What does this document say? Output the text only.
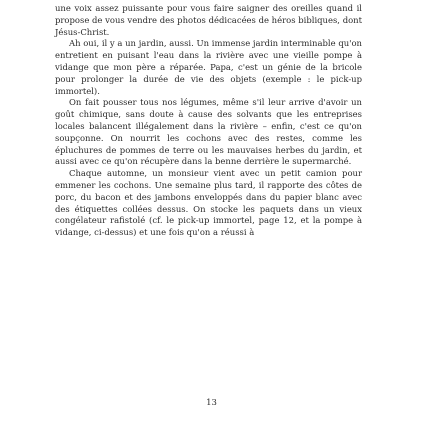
une voix assez puissante pour vous faire saigner des oreilles quand il propose de vous vendre des photos dédicacées de héros bibliques, dont Jésus-Christ.

Ah oui, il y a un jardin, aussi. Un immense jardin interminable qu'on entretient en puisant l'eau dans la rivière avec une vieille pompe à vidange que mon père a réparée. Papa, c'est un génie de la bricole pour prolonger la durée de vie des objets (exemple : le pick-up immortel).

On fait pousser tous nos légumes, même s'il leur arrive d'avoir un goût chimique, sans doute à cause des solvants que les entreprises locales balancent illégalement dans la rivière – enfin, c'est ce qu'on soupçonne. On nourrit les cochons avec des restes, comme les épluchures de pommes de terre ou les mauvaises herbes du jardin, et aussi avec ce qu'on récupère dans la benne derrière le supermarché.

Chaque automne, un monsieur vient avec un petit camion pour emmener les cochons. Une semaine plus tard, il rapporte des côtes de porc, du bacon et des jambons enveloppés dans du papier blanc avec des étiquettes collées dessus. On stocke les paquets dans un vieux congélateur rafistolé (cf. le pick-up immortel, page 12, et la pompe à vidange, ci-dessus) et une fois qu'on a réussi à

13
